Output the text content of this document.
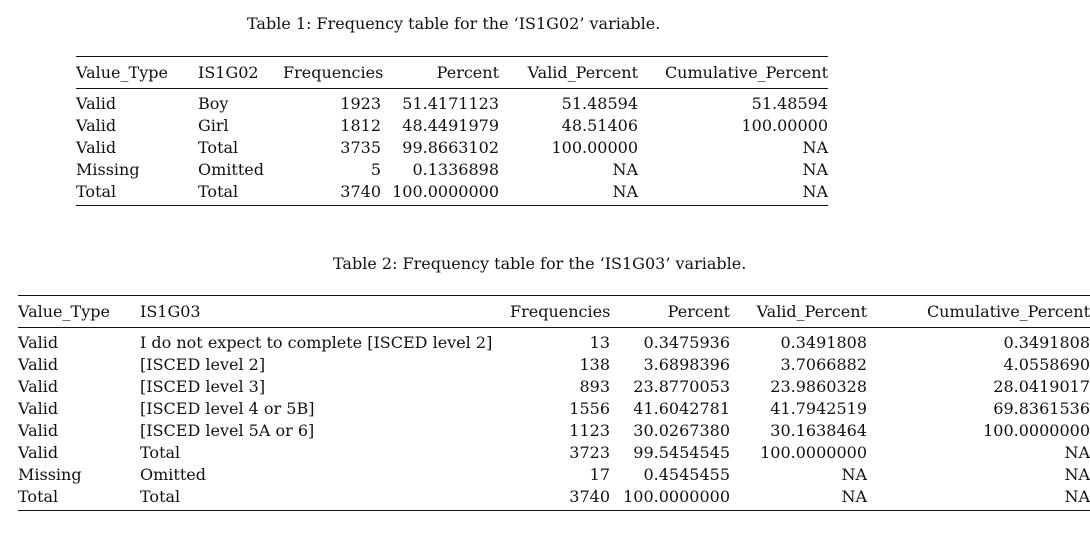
Table 1: Frequency table for the ‘IS1G02’ variable.

Value_Type	IS1G02	Frequencies	Percent	Valid_Percent	Cumulative_Percent
Valid	Boy	1923	51.4171123	51.48594	51.48594
Valid	Girl	1812	48.4491979	48.51406	100.00000
Valid	Total	3735	99.8663102	100.00000	NA
Missing	Omitted	5	0.1336898	NA	NA
Total	Total	3740	100.0000000	NA	NA

Table 2: Frequency table for the ‘IS1G03’ variable.

Value_Type	IS1G03	Frequencies	Percent	Valid_Percent	Cumulative_Percent
Valid	I do not expect to complete [ISCED level 2]	13	0.3475936	0.3491808	0.3491808
Valid	[ISCED level 2]	138	3.6898396	3.7066882	4.0558690
Valid	[ISCED level 3]	893	23.8770053	23.9860328	28.0419017
Valid	[ISCED level 4 or 5B]	1556	41.6042781	41.7942519	69.8361536
Valid	[ISCED level 5A or 6]	1123	30.0267380	30.1638464	100.0000000
Valid	Total	3723	99.5454545	100.0000000	NA
Missing	Omitted	17	0.4545455	NA	NA
Total	Total	3740	100.0000000	NA	NA
